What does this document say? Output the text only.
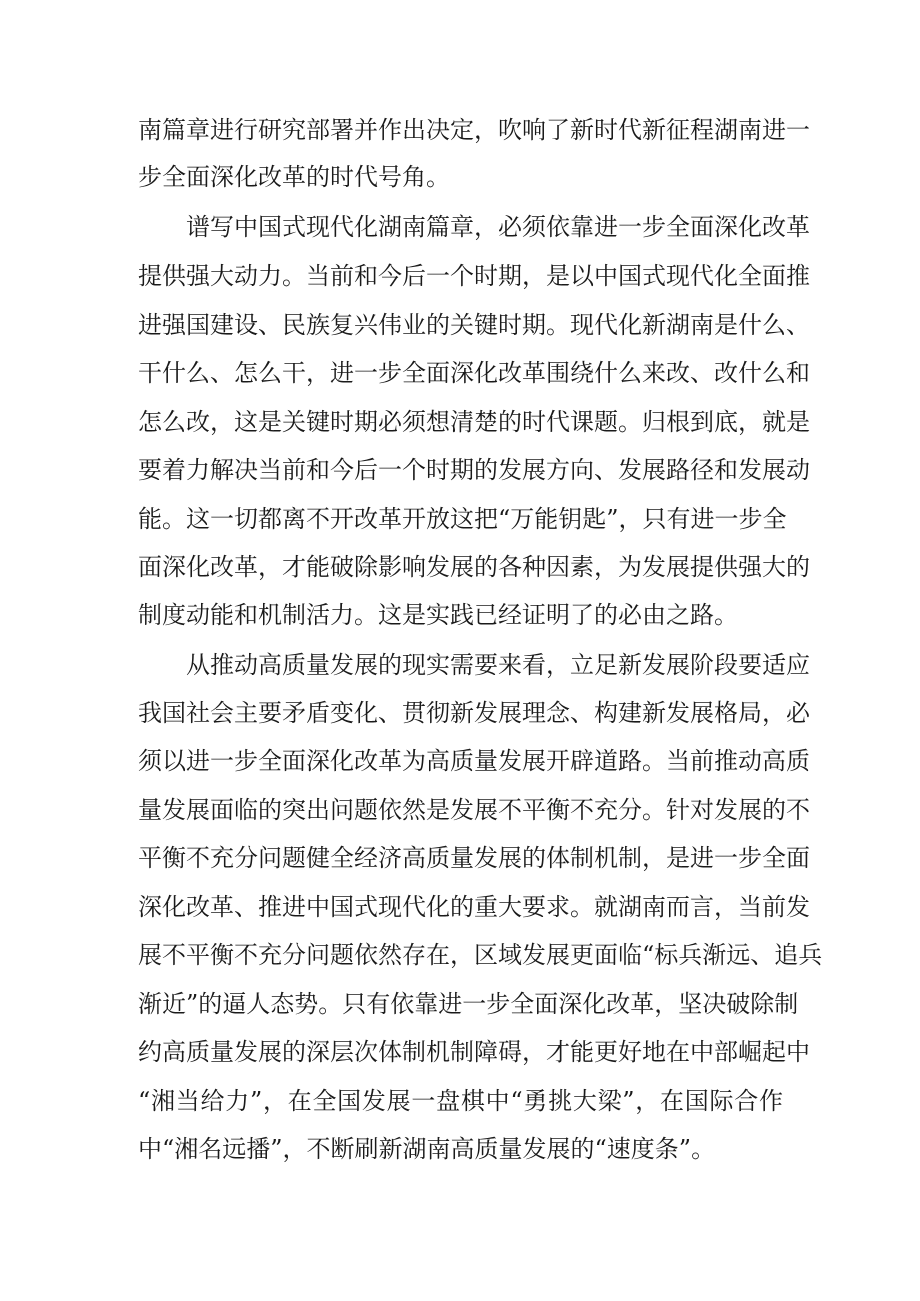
南篇章进行研究部署并作出决定，吹响了新时代新征程湖南进一
步全面深化改革的时代号角。
谱写中国式现代化湖南篇章，必须依靠进一步全面深化改革
提供强大动力。当前和今后一个时期，是以中国式现代化全面推
进强国建设、民族复兴伟业的关键时期。现代化新湖南是什么、
干什么、怎么干，进一步全面深化改革围绕什么来改、改什么和
怎么改，这是关键时期必须想清楚的时代课题。归根到底，就是
要着力解决当前和今后一个时期的发展方向、发展路径和发展动
能。这一切都离不开改革开放这把“万能钥匙”，只有进一步全
面深化改革，才能破除影响发展的各种因素，为发展提供强大的
制度动能和机制活力。这是实践已经证明了的必由之路。
从推动高质量发展的现实需要来看，立足新发展阶段要适应
我国社会主要矛盾变化、贯彻新发展理念、构建新发展格局，必
须以进一步全面深化改革为高质量发展开辟道路。当前推动高质
量发展面临的突出问题依然是发展不平衡不充分。针对发展的不
平衡不充分问题健全经济高质量发展的体制机制，是进一步全面
深化改革、推进中国式现代化的重大要求。就湖南而言，当前发
展不平衡不充分问题依然存在，区域发展更面临“标兵渐远、追兵
渐近”的逼人态势。只有依靠进一步全面深化改革，坚决破除制
约高质量发展的深层次体制机制障碍，才能更好地在中部崛起中
“湘当给力”，在全国发展一盘棋中“勇挑大梁”，在国际合作
中“湘名远播”，不断刷新湖南高质量发展的“速度条”。
